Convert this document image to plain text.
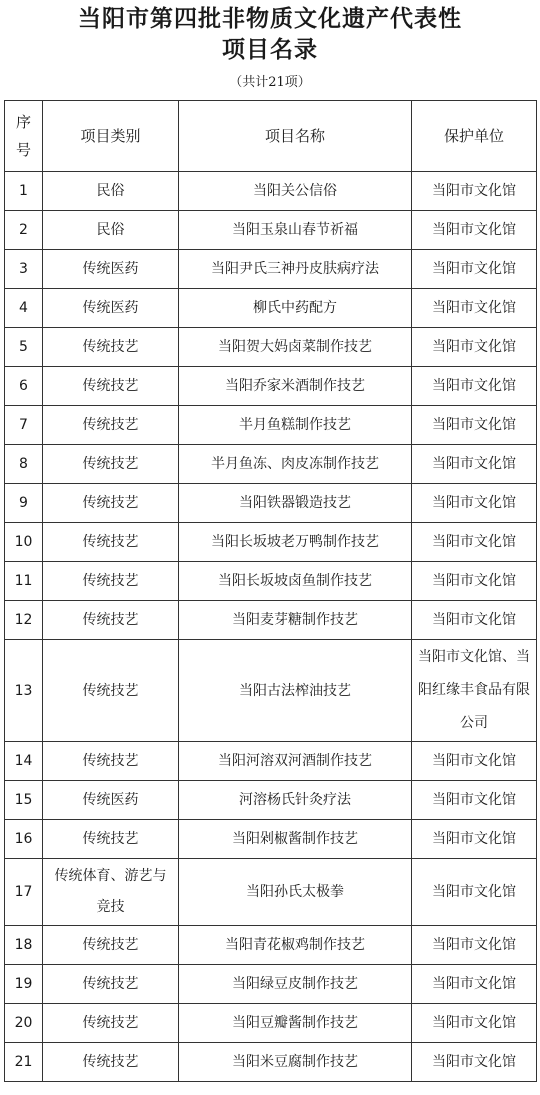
当阳市第四批非物质文化遗产代表性
项目名录
（共计21项）
序号	项目类别	项目名称	保护单位
1	民俗	当阳关公信俗	当阳市文化馆
2	民俗	当阳玉泉山春节祈福	当阳市文化馆
3	传统医药	当阳尹氏三神丹皮肤病疗法	当阳市文化馆
4	传统医药	柳氏中药配方	当阳市文化馆
5	传统技艺	当阳贺大妈卤菜制作技艺	当阳市文化馆
6	传统技艺	当阳乔家米酒制作技艺	当阳市文化馆
7	传统技艺	半月鱼糕制作技艺	当阳市文化馆
8	传统技艺	半月鱼冻、肉皮冻制作技艺	当阳市文化馆
9	传统技艺	当阳铁器锻造技艺	当阳市文化馆
10	传统技艺	当阳长坂坡老万鸭制作技艺	当阳市文化馆
11	传统技艺	当阳长坂坡卤鱼制作技艺	当阳市文化馆
12	传统技艺	当阳麦芽糖制作技艺	当阳市文化馆
13	传统技艺	当阳古法榨油技艺	当阳市文化馆、当阳红缘丰食品有限公司

14	传统技艺	当阳河溶双河酒制作技艺	当阳市文化馆
15	传统医药	河溶杨氏针灸疗法	当阳市文化馆
16	传统技艺	当阳剁椒酱制作技艺	当阳市文化馆
17	传统体育、游艺与竞技	当阳孙氏太极拳	当阳市文化馆
18	传统技艺	当阳青花椒鸡制作技艺	当阳市文化馆
19	传统技艺	当阳绿豆皮制作技艺	当阳市文化馆
20	传统技艺	当阳豆瓣酱制作技艺	当阳市文化馆
21	传统技艺	当阳米豆腐制作技艺	当阳市文化馆
